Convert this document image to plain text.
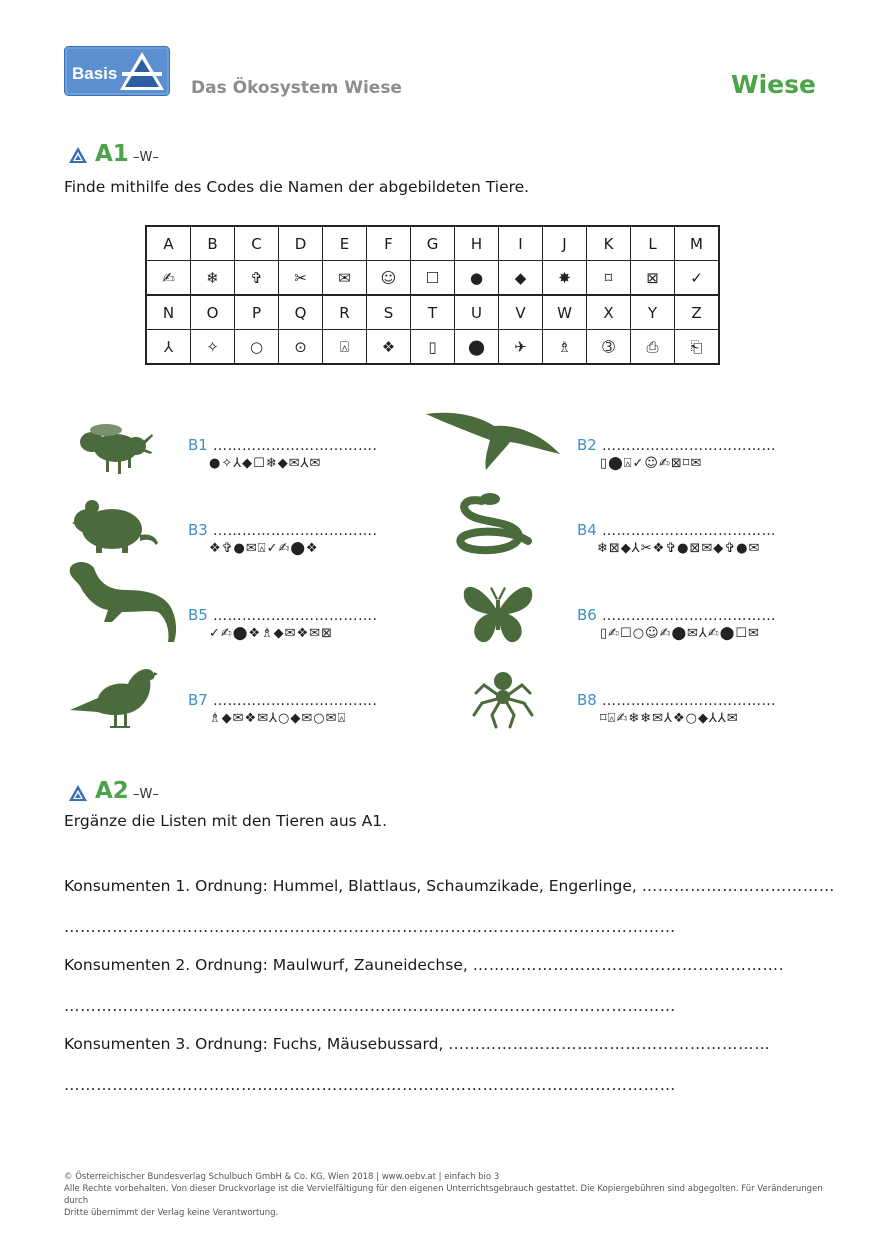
Basis
Das Ökosystem Wiese	Wiese
A1 –W–
Finde mithilfe des Codes die Namen der abgebildeten Tiere.
A	B	C	D	E	F	G	H	I	J	K	L	M
✍	❄	✞	✂	✉	☺	☐	●	◆	✸	⌑	⊠	✓
N	O	P	Q	R	S	T	U	V	W	X	Y	Z
⅄	✧	○	⊙	⍓	❖	▯	⬤	✈	♗	➂	⎙	⎗
B1 …………………………….
●✧⅄◆☐❄◆✉⅄✉
B2 ………………………………
▯⬤⍓✓☺✍⊠⌑✉
B3 …………………………….
❖✞●✉⍓✓✍⬤❖
B4 ………………………………
❄⊠◆⅄✂❖✞●⊠✉◆✞●✉
B5 …………………………….
✓✍⬤❖♗◆✉❖✉⊠
B6 ………………………………
▯✍☐○☺✍⬤✉⅄✍⬤☐✉
B7 …………………………….
♗◆✉❖✉⅄○◆✉○✉⍓
B8 ………………………………
⌑⍓✍❄❄✉⅄❖○◆⅄⅄✉
A2 –W–
Ergänze die Listen mit den Tieren aus A1.
Konsumenten 1. Ordnung: Hummel, Blattlaus, Schaumzikade, Engerlinge, ………………………………
……………………………………………………………………………………………………
Konsumenten 2. Ordnung: Maulwurf, Zauneidechse, ………………………………………………….
……………………………………………………………………………………………………
Konsumenten 3. Ordnung: Fuchs, Mäusebussard, ……………………………………………………
……………………………………………………………………………………………………
© Österreichischer Bundesverlag Schulbuch GmbH & Co. KG, Wien 2018 | www.oebv.at | einfach bio 3
Alle Rechte vorbehalten. Von dieser Druckvorlage ist die Vervielfältigung für den eigenen Unterrichtsgebrauch gestattet. Die Kopiergebühren sind abgegolten. Für Veränderungen durch
Dritte übernimmt der Verlag keine Verantwortung.
